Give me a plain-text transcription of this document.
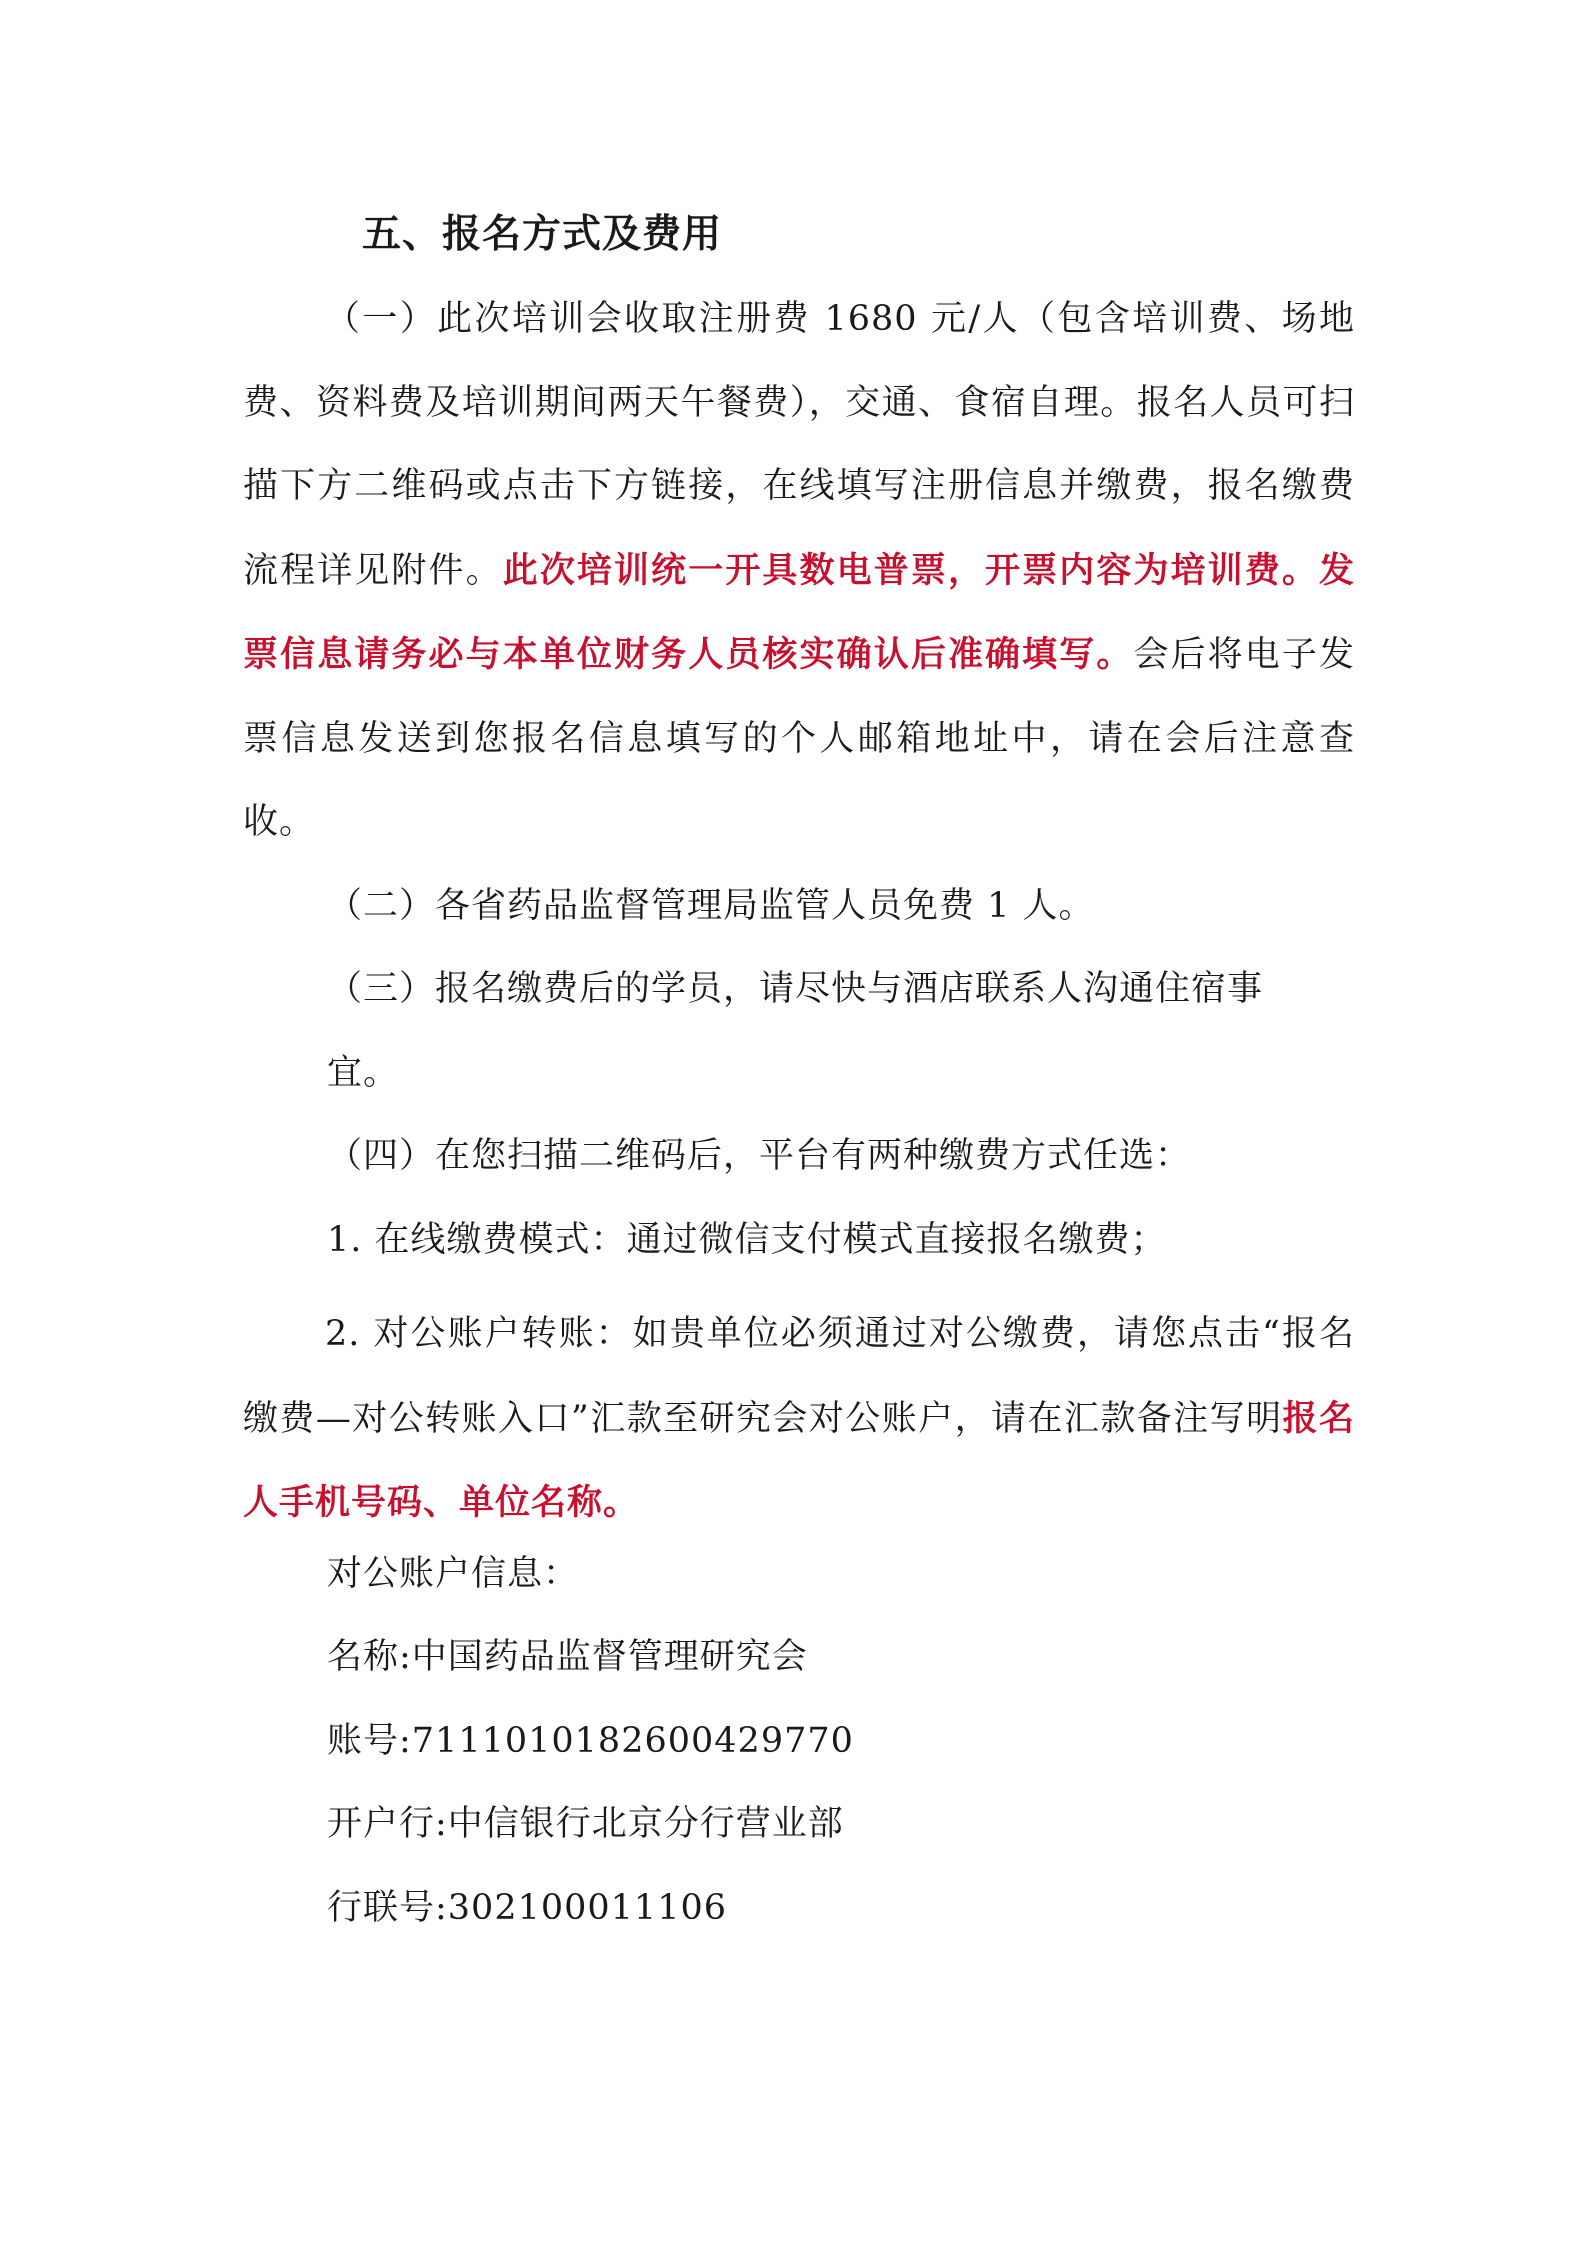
五、报名方式及费用

（一）此次培训会收取注册费 1680 元/人（包含培训费、场地费、资料费及培训期间两天午餐费），交通、食宿自理。报名人员可扫描下方二维码或点击下方链接，在线填写注册信息并缴费，报名缴费流程详见附件。此次培训统一开具数电普票，开票内容为培训费。发票信息请务必与本单位财务人员核实确认后准确填写。会后将电子发票信息发送到您报名信息填写的个人邮箱地址中，请在会后注意查收。

（二）各省药品监督管理局监管人员免费 1 人。

（三）报名缴费后的学员，请尽快与酒店联系人沟通住宿事

宜。

（四）在您扫描二维码后，平台有两种缴费方式任选：

1. 在线缴费模式：通过微信支付模式直接报名缴费；

2. 对公账户转账：如贵单位必须通过对公缴费，请您点击“报名缴费—对公转账入口”汇款至研究会对公账户，请在汇款备注写明报名人手机号码、单位名称。

对公账户信息：

名称:中国药品监督管理研究会

账号:7111010182600429770

开户行:中信银行北京分行营业部

行联号:302100011106
